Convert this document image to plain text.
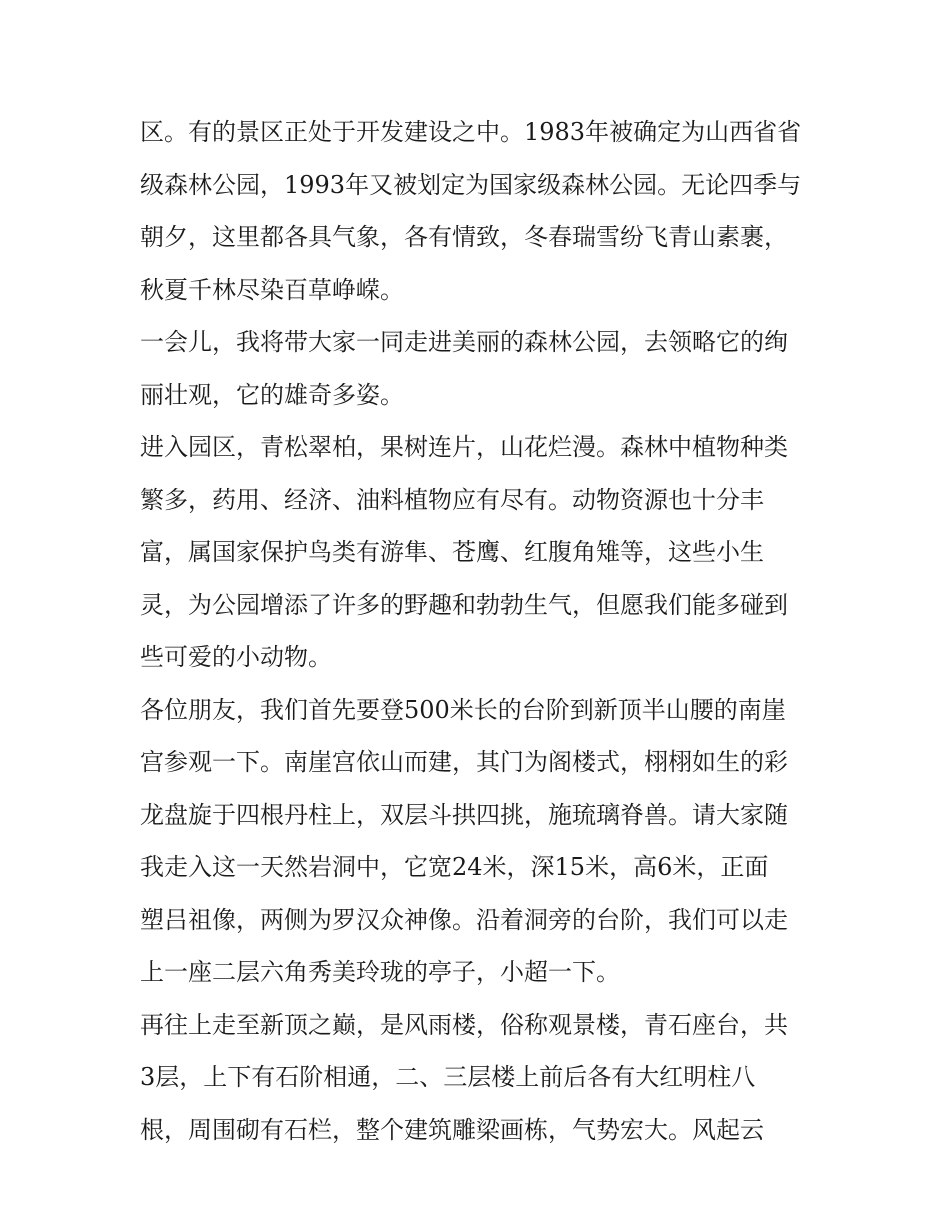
区。有的景区正处于开发建设之中。1983年被确定为山西省省
级森林公园，1993年又被划定为国家级森林公园。无论四季与
朝夕，这里都各具气象，各有情致，冬春瑞雪纷飞青山素裹，
秋夏千林尽染百草峥嵘。
一会儿，我将带大家一同走进美丽的森林公园，去领略它的绚
丽壮观，它的雄奇多姿。
进入园区，青松翠柏，果树连片，山花烂漫。森林中植物种类
繁多，药用、经济、油料植物应有尽有。动物资源也十分丰
富，属国家保护鸟类有游隼、苍鹰、红腹角雉等，这些小生
灵，为公园增添了许多的野趣和勃勃生气，但愿我们能多碰到
些可爱的小动物。
各位朋友，我们首先要登500米长的台阶到新顶半山腰的南崖
宫参观一下。南崖宫依山而建，其门为阁楼式，栩栩如生的彩
龙盘旋于四根丹柱上，双层斗拱四挑，施琉璃脊兽。请大家随
我走入这一天然岩洞中，它宽24米，深15米，高6米，正面
塑吕祖像，两侧为罗汉众神像。沿着洞旁的台阶，我们可以走
上一座二层六角秀美玲珑的亭子，小超一下。
再往上走至新顶之巅，是风雨楼，俗称观景楼，青石座台，共
3层，上下有石阶相通，二、三层楼上前后各有大红明柱八
根，周围砌有石栏，整个建筑雕梁画栋，气势宏大。风起云
